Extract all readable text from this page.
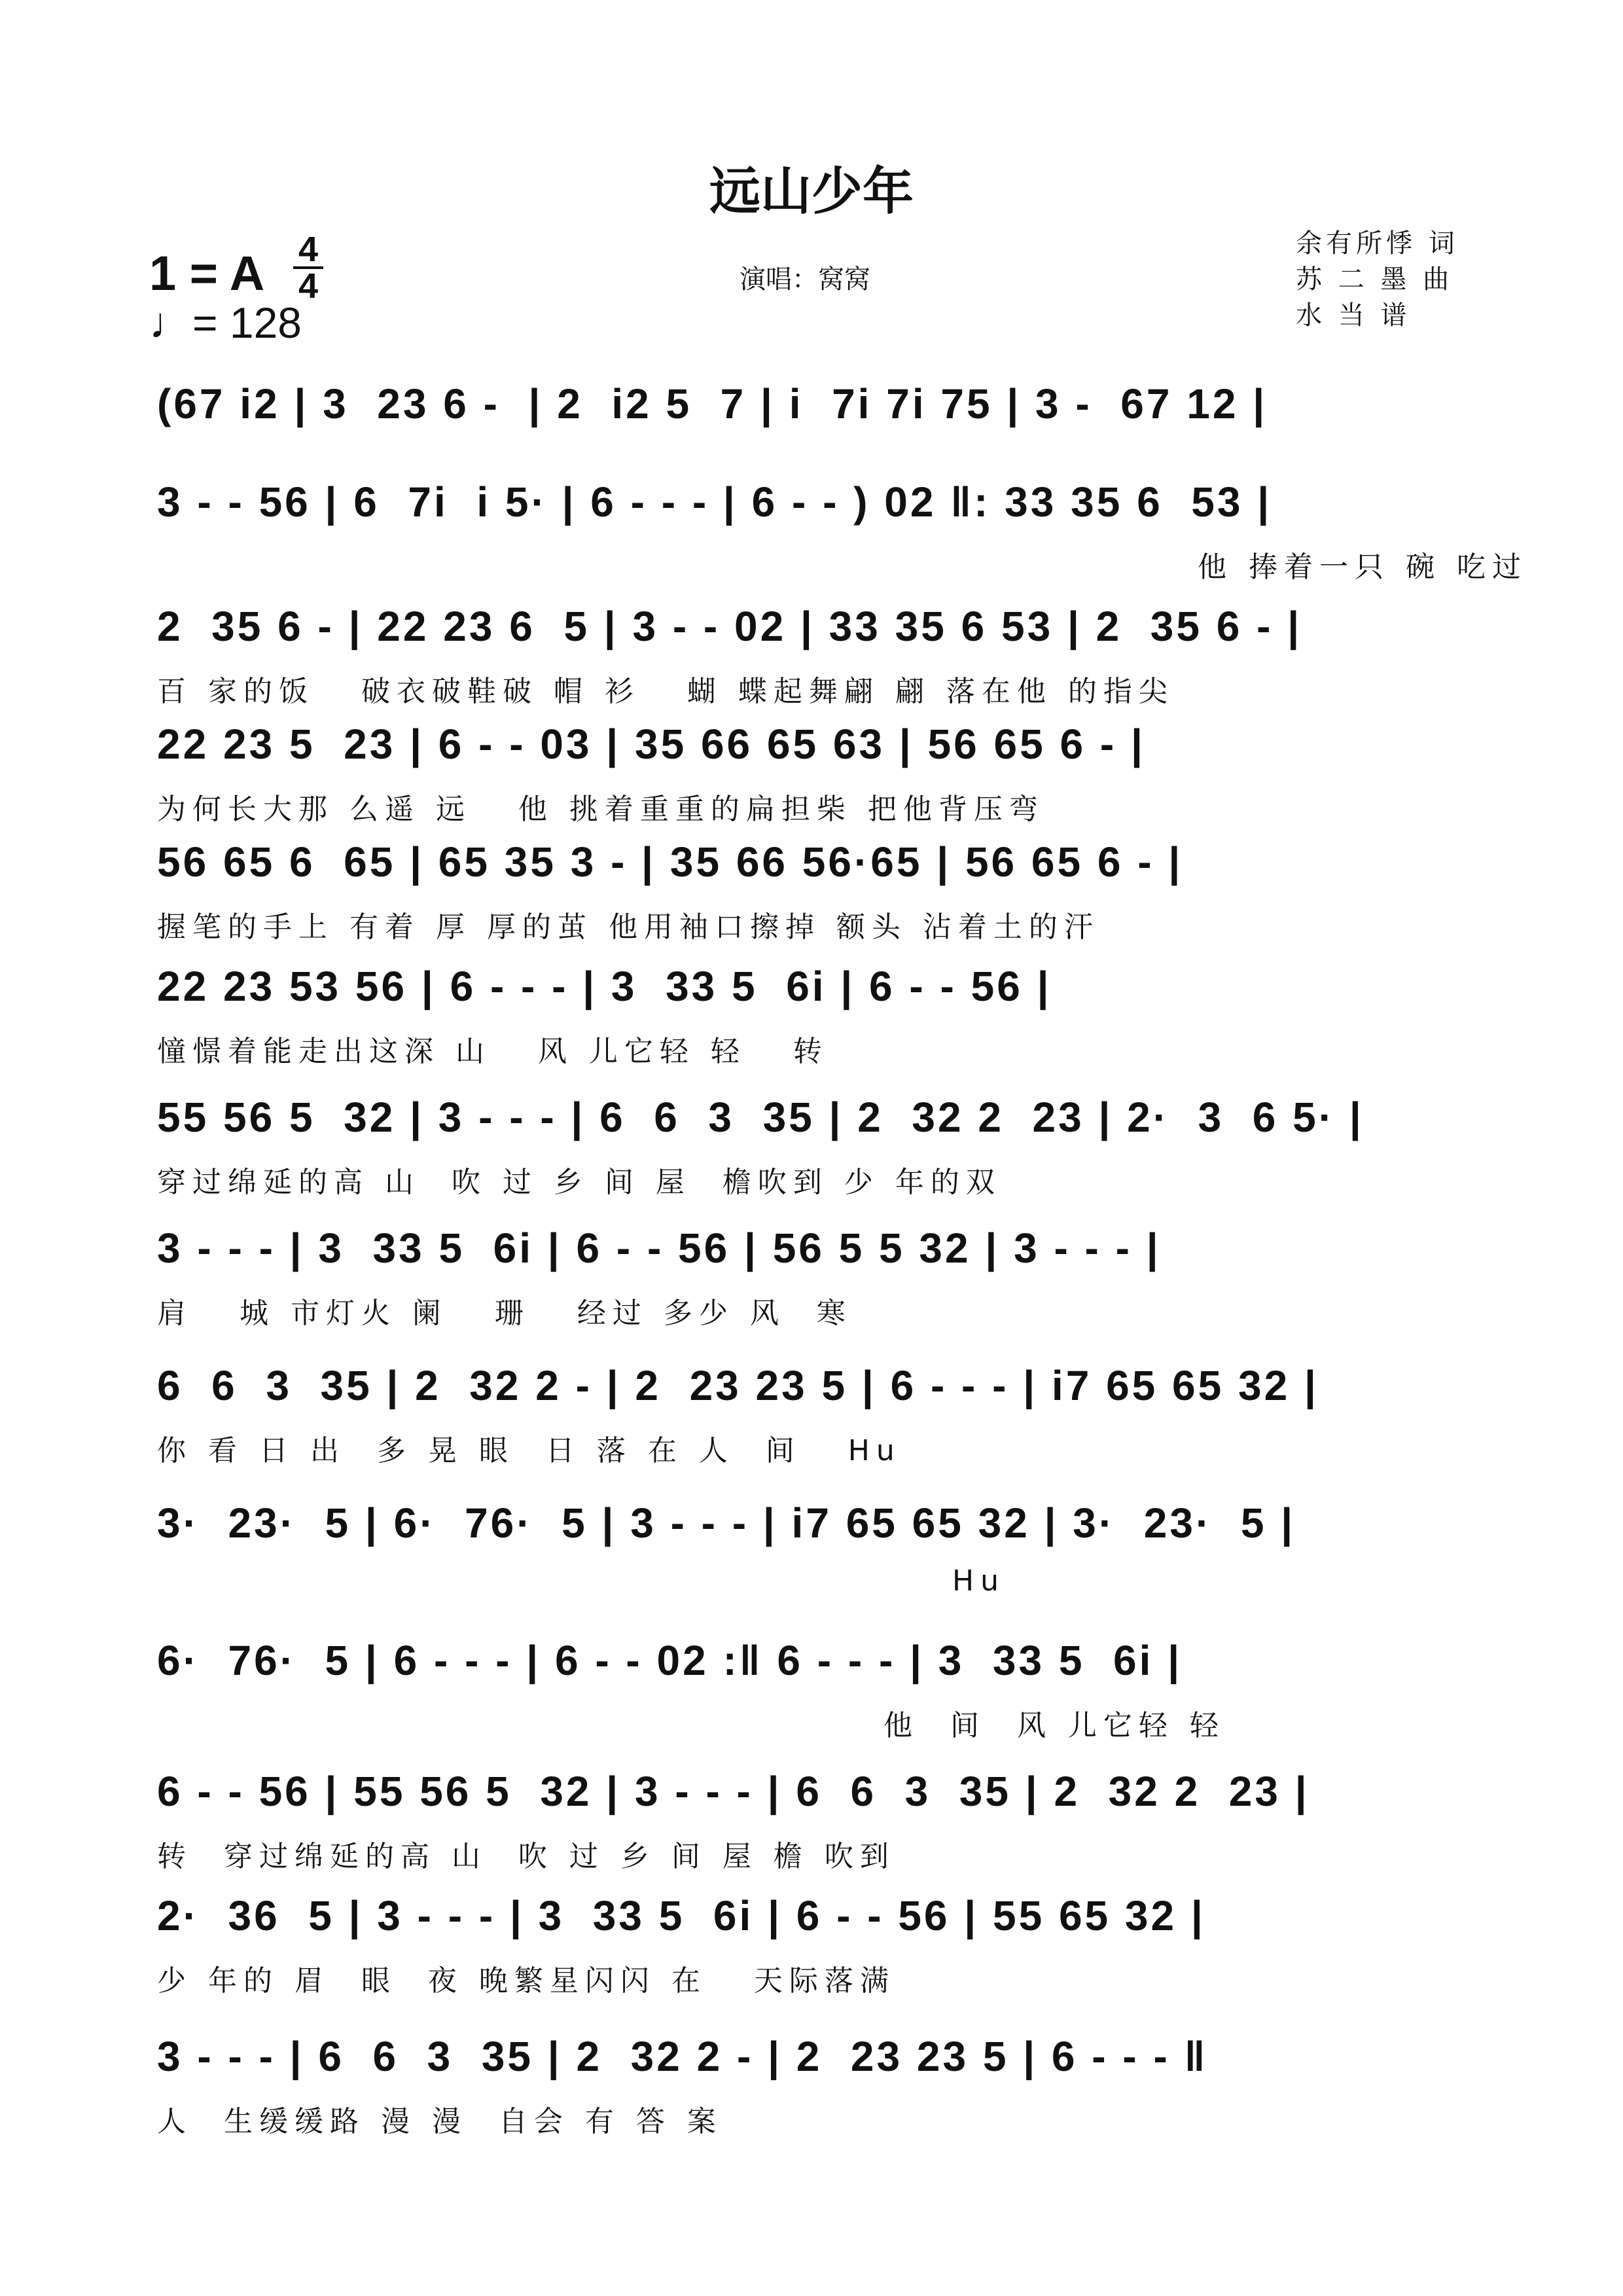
远山少年
1 = A 4
4
♩= 128
演唱：窝窝
余有所悸 词
苏 二 墨 曲
水 当 谱
(67 i2 | 3  23 6 -  | 2  i2 5  7 | i  7i 7i 75 | 3 -  67 12 |
3 - - 56 | 6  7i  i 5· | 6 - - - | 6 - - ) 02 ‖: 33 35 6  53 |
他 捧着一只 碗 吃过
2  35 6 - | 22 23 6  5 | 3 - - 02 | 33 35 6 53 | 2  35 6 - |
百 家的饭   破衣破鞋破 帽 衫   蝴 蝶起舞翩 翩 落在他 的指尖
22 23 5  23 | 6 - - 03 | 35 66 65 63 | 56 65 6 - |
为何长大那 么遥 远   他 挑着重重的扁担柴 把他背压弯
56 65 6  65 | 65 35 3 - | 35 66 56·65 | 56 65 6 - |
握笔的手上 有着 厚 厚的茧 他用袖口擦掉 额头 沾着土的汗
22 23 53 56 | 6 - - - | 3  33 5  6i | 6 - - 56 |
憧憬着能走出这深 山   风 儿它轻 轻   转
55 56 5  32 | 3 - - - | 6  6  3  35 | 2  32 2  23 | 2·  3  6 5· |
穿过绵延的高 山  吹 过 乡 间 屋  檐吹到 少 年的双
3 - - - | 3  33 5  6i | 6 - - 56 | 56 5 5 32 | 3 - - - |
肩   城 市灯火 阑   珊   经过 多少 风  寒
6  6  3  35 | 2  32 2 - | 2  23 23 5 | 6 - - - | i7 65 65 32 |
你 看 日 出  多 晃 眼  日 落 在 人  间   Hu
3·  23·  5 | 6·  76·  5 | 3 - - - | i7 65 65 32 | 3·  23·  5 |
Hu
6·  76·  5 | 6 - - - | 6 - - 02 :‖ 6 - - - | 3  33 5  6i |
他  间  风 儿它轻 轻
6 - - 56 | 55 56 5  32 | 3 - - - | 6  6  3  35 | 2  32 2  23 |
转  穿过绵延的高 山  吹 过 乡 间 屋 檐 吹到
2·  36  5 | 3 - - - | 3  33 5  6i | 6 - - 56 | 55 65 32 |
少 年的 眉  眼  夜 晚繁星闪闪 在   天际落满
3 - - - | 6  6  3  35 | 2  32 2 - | 2  23 23 5 | 6 - - - ‖
人  生缓缓路 漫 漫  自会 有 答 案
